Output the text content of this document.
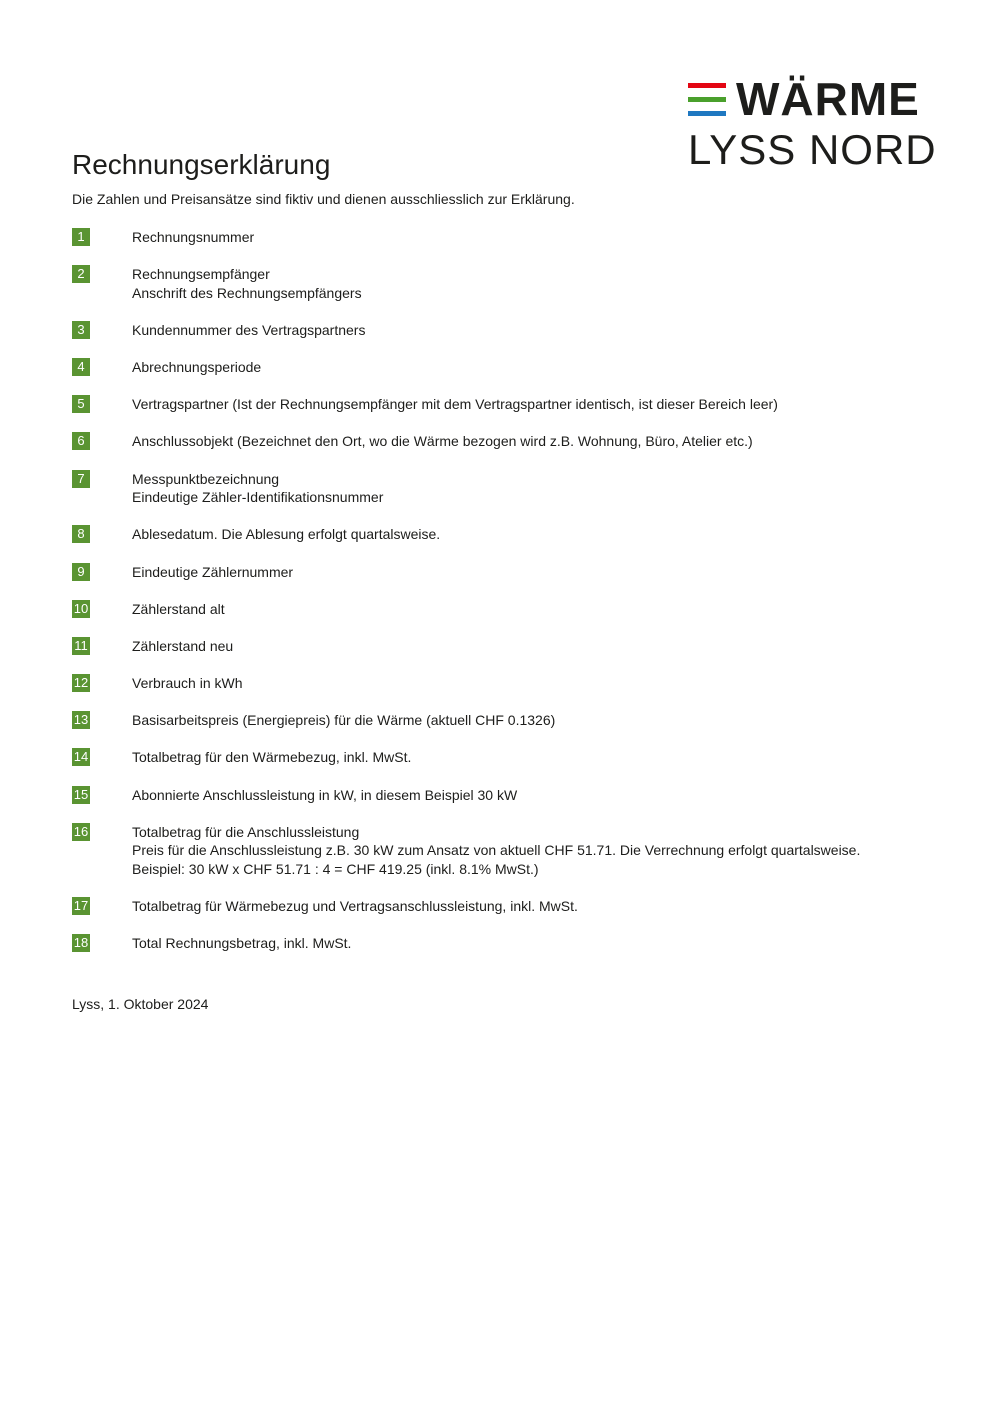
WÄRME
LYSS NORD
Rechnungserklärung
Die Zahlen und Preisansätze sind fiktiv und dienen ausschliesslich zur Erklärung.
1	Rechnungsnummer
2	Rechnungsempfänger
Anschrift des Rechnungsempfängers
3	Kundennummer des Vertragspartners
4	Abrechnungsperiode
5	Vertragspartner (Ist der Rechnungsempfänger mit dem Vertragspartner identisch, ist dieser Bereich leer)
6	Anschlussobjekt (Bezeichnet den Ort, wo die Wärme bezogen wird z.B. Wohnung, Büro, Atelier etc.)
7	Messpunktbezeichnung
Eindeutige Zähler-Identifikationsnummer
8	Ablesedatum. Die Ablesung erfolgt quartalsweise.
9	Eindeutige Zählernummer
10	Zählerstand alt
11	Zählerstand neu
12	Verbrauch in kWh
13	Basisarbeitspreis (Energiepreis) für die Wärme (aktuell CHF 0.1326)
14	Totalbetrag für den Wärmebezug, inkl. MwSt.
15	Abonnierte Anschlussleistung in kW, in diesem Beispiel 30 kW
16	Totalbetrag für die Anschlussleistung
Preis für die Anschlussleistung z.B. 30 kW zum Ansatz von aktuell CHF 51.71. Die Verrechnung erfolgt quartalsweise.
Beispiel: 30 kW x CHF 51.71 : 4 = CHF 419.25 (inkl. 8.1% MwSt.)
17	Totalbetrag für Wärmebezug und Vertragsanschlussleistung, inkl. MwSt.
18	Total Rechnungsbetrag, inkl. MwSt.
Lyss, 1. Oktober 2024
